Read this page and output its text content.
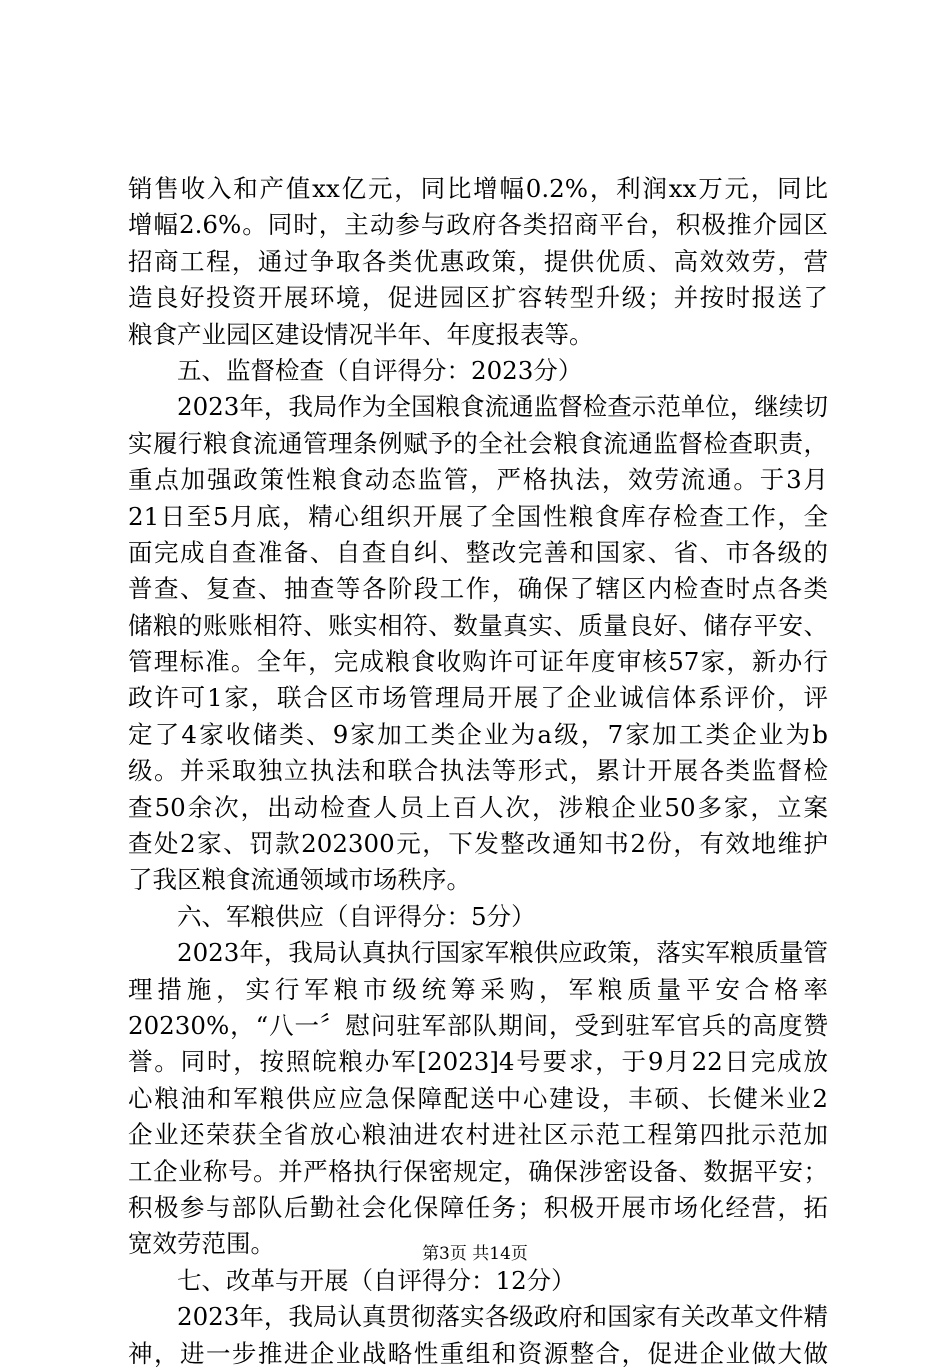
销售收入和产值xx亿元，同比增幅0.2%，利润xx万元，同比
增幅2.6%。同时，主动参与政府各类招商平台，积极推介园区
招商工程，通过争取各类优惠政策，提供优质、高效效劳，营
造良好投资开展环境，促进园区扩容转型升级；并按时报送了
粮食产业园区建设情况半年、年度报表等。
五、监督检查（自评得分：2023分）
2023年，我局作为全国粮食流通监督检查示范单位，继续切
实履行粮食流通管理条例赋予的全社会粮食流通监督检查职责，
重点加强政策性粮食动态监管，严格执法，效劳流通。于3月
21日至5月底，精心组织开展了全国性粮食库存检查工作，全
面完成自查准备、自查自纠、整改完善和国家、省、市各级的
普查、复查、抽查等各阶段工作，确保了辖区内检查时点各类
储粮的账账相符、账实相符、数量真实、质量良好、储存平安、
管理标准。全年，完成粮食收购许可证年度审核57家，新办行
政许可1家，联合区市场管理局开展了企业诚信体系评价，评
定了4家收储类、9家加工类企业为a级，7家加工类企业为b
级。并采取独立执法和联合执法等形式，累计开展各类监督检
查50余次，出动检查人员上百人次，涉粮企业50多家，立案
查处2家、罚款202300元，下发整改通知书2份，有效地维护
了我区粮食流通领域市场秩序。
六、军粮供应（自评得分：5分）
2023年，我局认真执行国家军粮供应政策，落实军粮质量管
理措施，实行军粮市级统筹采购，军粮质量平安合格率
20230%，“八一〞慰问驻军部队期间，受到驻军官兵的高度赞
誉。同时，按照皖粮办军[2023]4号要求，于9月22日完成放
心粮油和军粮供应应急保障配送中心建设，丰硕、长健米业2
企业还荣获全省放心粮油进农村进社区示范工程第四批示范加
工企业称号。并严格执行保密规定，确保涉密设备、数据平安；
积极参与部队后勤社会化保障任务；积极开展市场化经营，拓
宽效劳范围。
七、改革与开展（自评得分：12分）
2023年，我局认真贯彻落实各级政府和国家有关改革文件精
神，进一步推进企业战略性重组和资源整合，促进企业做大做
第3页 共14页
